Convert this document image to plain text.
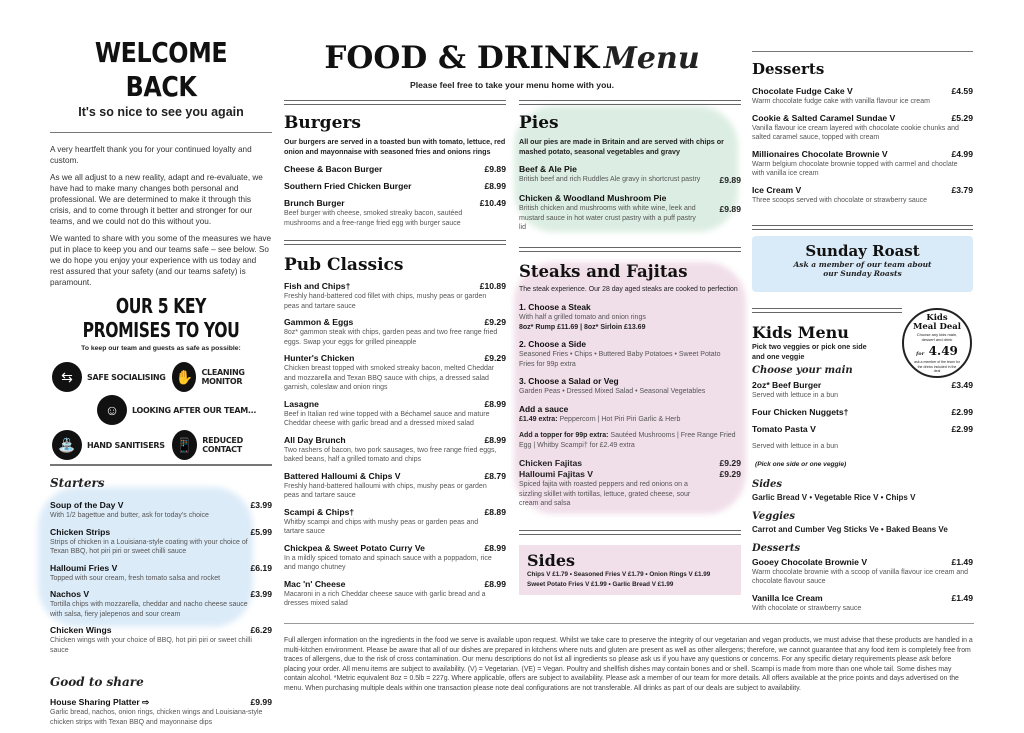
WELCOME BACK
It's so nice to see you again

A very heartfelt thank you for your continued loyalty and custom.

As we all adjust to a new reality, adapt and re-evaluate, we have had to make many changes both personal and professional. We are determined to make it through this crisis, and to come through it better and stronger for our teams, and we could not do this without you.

We wanted to share with you some of the measures we have put in place to keep you and our teams safe – see below. So we do hope you enjoy your experience with us today and rest assured that your safety (and our teams safety) is paramount.

OUR 5 KEY PROMISES TO YOU
To keep our team and guests as safe as possible:
⇆	SAFE SOCIALISING ✋	CLEANING MONITOR
☺	LOOKING AFTER OUR TEAM...
⛲	HAND SANITISERS 📱	REDUCED CONTACT
Starters
Soup of the Day V	£3.99
With 1/2 bagettue and butter, ask for today's choice
Chicken Strips	£5.99
Strips of chicken in a Louisiana-style coating with your choice of Texan BBQ, hot piri piri or sweet chilli sauce
Halloumi Fries V	£6.19
Topped with sour cream, fresh tomato salsa and rocket
Nachos V	£3.99
Tortilla chips with mozzarella, cheddar and nacho cheese sauce with salsa, fiery jalepenos and sour cream
Chicken Wings	£6.29
Chicken wings with your choice of BBQ, hot piri piri or sweet chilli sauce
Good to share
House Sharing Platter ⇨	£9.99
Garlic bread, nachos, onion rings, chicken wings and Louisiana-style chicken strips with Texan BBQ and mayonnaise dips
FOOD & DRINK Menu
Please feel free to take your menu home with you.
Burgers
Our burgers are served in a toasted bun with tomato, lettuce, red onion and mayonnaise with seasoned fries and onions rings
Cheese & Bacon Burger	£9.89
Southern Fried Chicken Burger	£8.99
Brunch Burger	£10.49
Beef burger with cheese, smoked streaky bacon, sautéed mushrooms and a free-range fried egg with burger sauce
Pub Classics
Fish and Chips†	£10.89
Freshly hand-battered cod fillet with chips, mushy peas or garden peas and tartare sauce
Gammon & Eggs	£9.29
8oz* gammon steak with chips, garden peas and two free range fried eggs. Swap your eggs for grilled pineapple
Hunter's Chicken	£9.29
Chicken breast topped with smoked streaky bacon, melted Cheddar and mozzarella and Texan BBQ sauce with chips, a dressed salad garnish, coleslaw and onion rings
Lasagne	£8.99
Beef in Italian red wine topped with a Béchamel sauce and mature Cheddar cheese with garlic bread and a dressed mixed salad
All Day Brunch	£8.99
Two rashers of bacon, two pork sausages, two free range fried eggs, baked beans, half a grilled tomato and chips
Battered Halloumi & Chips V	£8.79
Freshly hand-battered halloumi with chips, mushy peas or garden peas and tartare sauce
Scampi & Chips†	£8.89
Whitby scampi and chips with mushy peas or garden peas and tartare sauce
Chickpea & Sweet Potato Curry Ve	£8.99
In a mildly spiced tomato and spinach sauce with a poppadom, rice and mango chutney
Mac 'n' Cheese	£8.99
Macaroni in a rich Cheddar cheese sauce with garlic bread and a dresses mixed salad
Pies
All our pies are made in Britain and are served with chips or mashed potato, seasonal vegetables and gravy
Beef & Ale Pie
British beef and rich Ruddles Ale gravy in shortcrust pastry	£9.89
Chicken & Woodland Mushroom Pie
British chicken and mushrooms with white wine, leek and mustard sauce in hot water crust pastry with a puff pastry lid
£9.89
Steaks and Fajitas
The steak experience. Our 28 day aged steaks are cooked to perfection
1. Choose a Steak
With half a grilled tomato and onion rings
8oz* Rump £11.69 | 8oz* Sirloin £13.69
2. Choose a Side
Seasoned Fries • Chips • Buttered Baby Potatoes • Sweet Potato Fries for 99p extra
3. Choose a Salad or Veg
Garden Peas • Dressed Mixed Salad • Seasonal Vegetables
Add a sauce
£1.49 extra: Peppercorn | Hot Piri Piri Garlic & Herb
Add a topper for 99p extra: Sautéed Mushrooms | Free Range Fried Egg | Whitby Scampi† for £2.49 extra
Chicken Fajitas	£9.29
Halloumi Fajitas V	£9.29
Spiced fajita with roasted peppers and red onions on a sizzling skillet with tortillas, lettuce, grated cheese, sour cream and salsa
Sides
Chips V £1.79 • Seasoned Fries V £1.79 • Onion Rings V £1.99
Sweet Potato Fries V £1.99 • Garlic Bread V £1.99
Desserts
Chocolate Fudge Cake V	£4.59
Warm chocolate fudge cake with vanilla flavour ice cream
Cookie & Salted Caramel Sundae V	£5.29
Vanilla flavour ice cream layered with chocolate cookie chunks and salted caramel sauce, topped with cream
Millionaires Chocolate Brownie V	£4.99
Warm belgium chocolate brownie topped with carmel and choclate with vanilla ice cream
Ice Cream V	£3.79
Three scoops served with chocolate or strawberry sauce
Sunday Roast
Ask a member of our team about
our Sunday Roasts
Kids Menu
Pick two veggies or pick one side and one veggie
Choose your main
2oz* Beef Burger	£3.49
Served with lettuce in a bun
Four Chicken Nuggets†	£2.99
Tomato Pasta V	£2.99
Served with lettuce in a bun
(Pick one side or one veggie)
Sides
Garlic Bread V • Vegetable Rice V • Chips V
Veggies
Carrot and Cumber Veg Sticks Ve • Baked Beans Ve
Desserts
Gooey Chocolate Brownie V	£1.49
Warm chocolate brownie with a scoop of vanilla flavour ice cream and chocolate flavour sauce
Vanilla Ice Cream	£1.49
With chocolate or strawberry sauce
Kids
Meal Deal
Choose any kids main, dessert and drink
for 4.49
ask a member of the team for the drinks included in the deal
Full allergen information on the ingredients in the food we serve is available upon request. Whilst we take care to preserve the integrity of our vegetarian and vegan products, we must advise that these products are handled in a multi-kitchen environment. Please be aware that all of our dishes are prepared in kitchens where nuts and gluten are present as well as other allergens; therefore, we cannot guarantee that any food item is completely free from traces of allergens, due to the risk of cross contamination. Our menu descriptions do not list all ingredients so please ask us if you have any questions or concerns. For any specific dietary requirements please ask before placing your order. All menu items are subject to availability. (V) = Vegetarian. (VE) = Vegan. Poultry and shellfish dishes may contain bones and or shell. Scampi is made from more than one whole tail. Some dishes may contain alcohol. *Metric equivalent 8oz = 0.5lb = 227g. Where applicable, offers are subject to availability. Please ask a member of our team for more details. All offers available at the price points and days advertised on the menu. When purchasing multiple deals within one transaction please note deal configurations are not transferable. All drinks as part of our deals are subject to availability.
